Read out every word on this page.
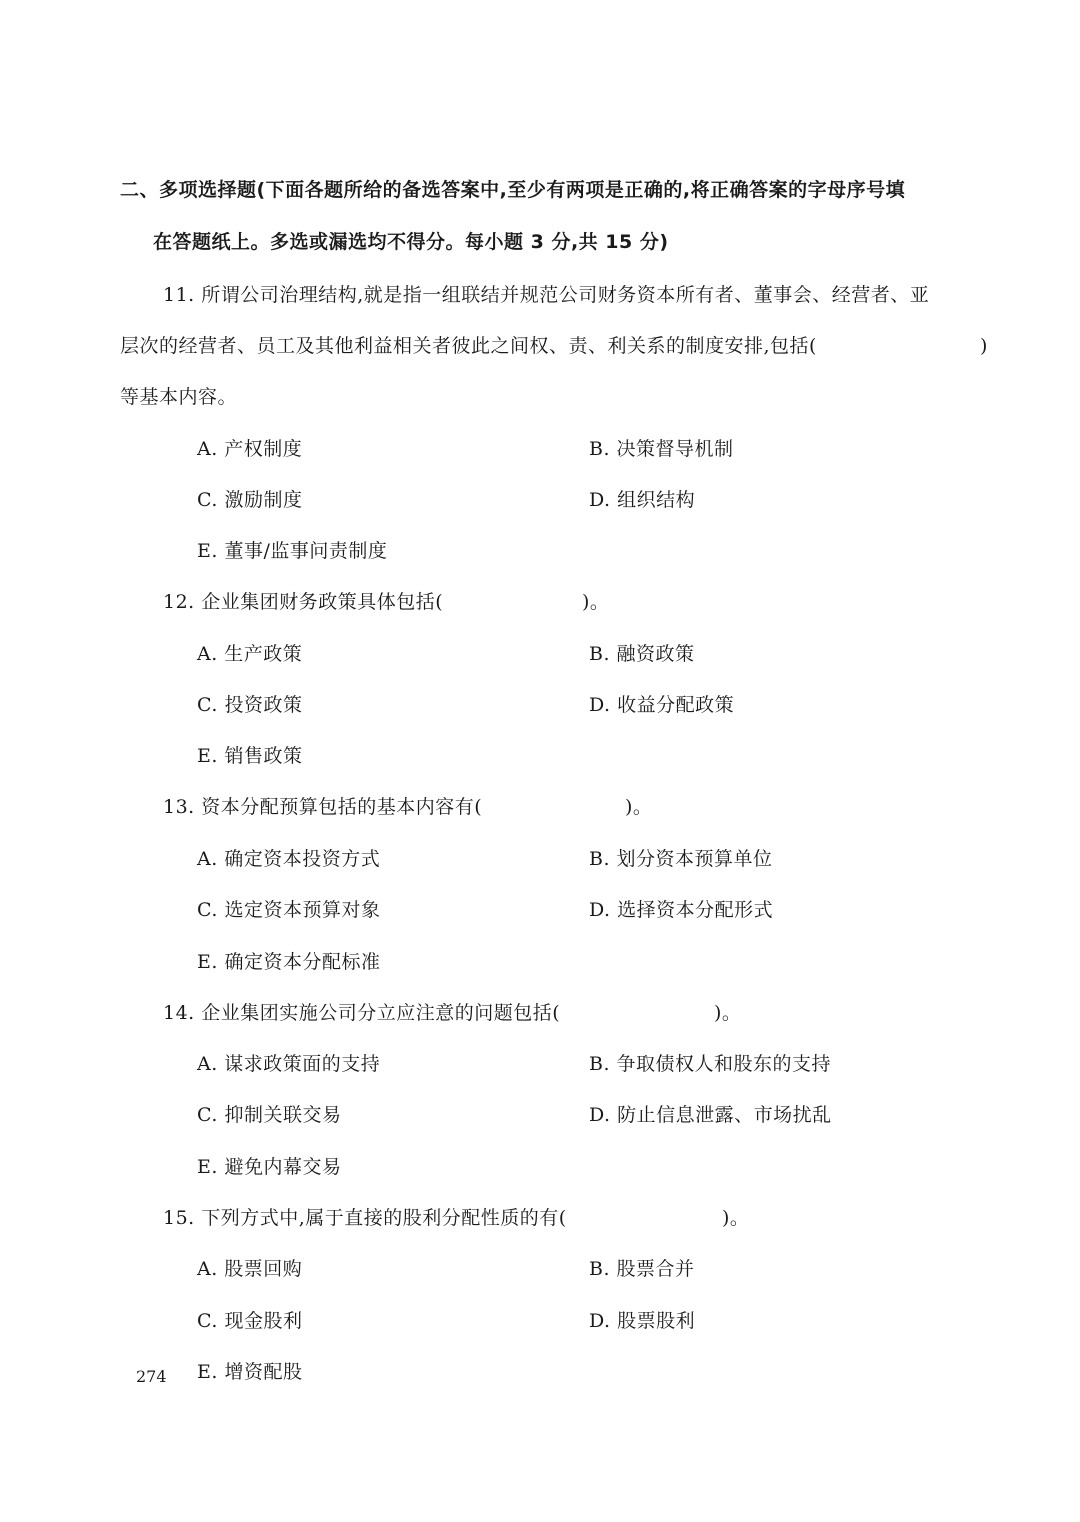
二、多项选择题(下面各题所给的备选答案中,至少有两项是正确的,将正确答案的字母序号填
在答题纸上。多选或漏选均不得分。每小题 3 分,共 15 分)
11. 所谓公司治理结构,就是指一组联结并规范公司财务资本所有者、董事会、经营者、亚
层次的经营者、员工及其他利益相关者彼此之间权、责、利关系的制度安排,包括(	)
等基本内容。
A. 产权制度	B. 决策督导机制
C. 激励制度	D. 组织结构
E. 董事/监事问责制度
12. 企业集团财务政策具体包括(	)。
A. 生产政策	B. 融资政策
C. 投资政策	D. 收益分配政策
E. 销售政策
13. 资本分配预算包括的基本内容有(	)。
A. 确定资本投资方式	B. 划分资本预算单位
C. 选定资本预算对象	D. 选择资本分配形式
E. 确定资本分配标准
14. 企业集团实施公司分立应注意的问题包括(	)。
A. 谋求政策面的支持	B. 争取债权人和股东的支持
C. 抑制关联交易	D. 防止信息泄露、市场扰乱
E. 避免内幕交易
15. 下列方式中,属于直接的股利分配性质的有(	)。
A. 股票回购	B. 股票合并
C. 现金股利	D. 股票股利
E. 增资配股
274
